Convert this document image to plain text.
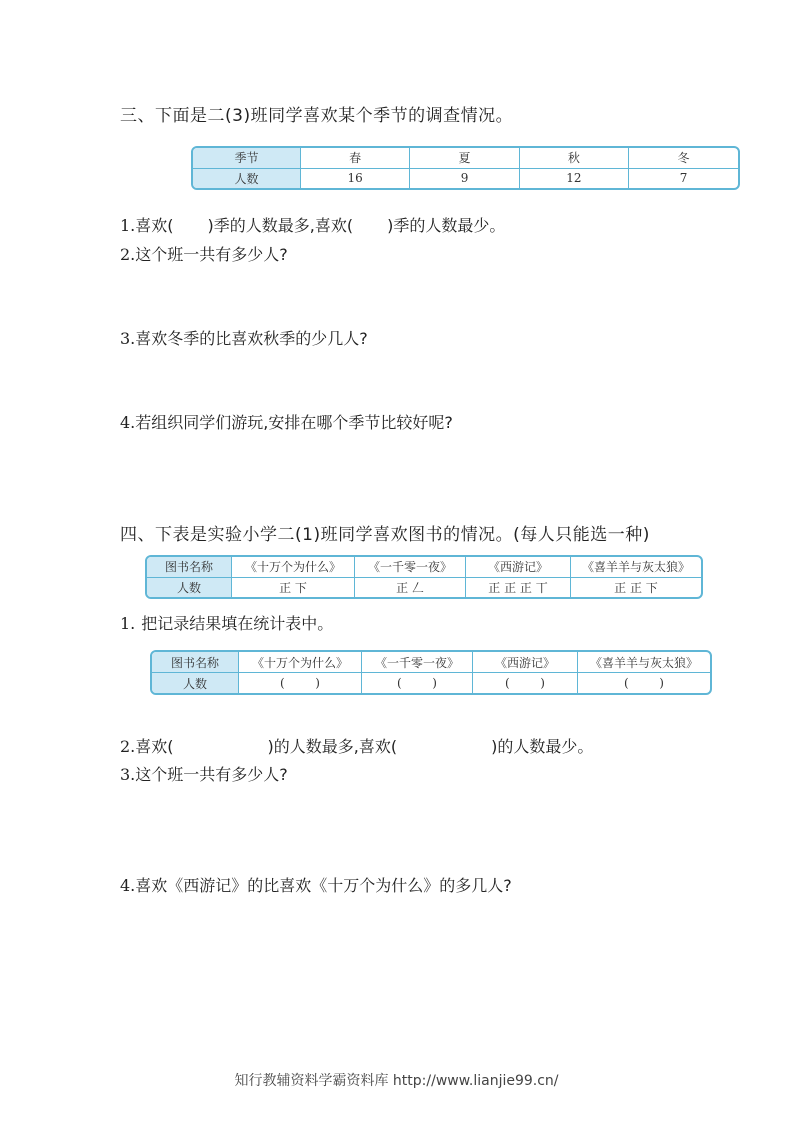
三、下面是二(3)班同学喜欢某个季节的调查情况。
季节	春	夏	秋	冬
人数	16	9	12	7
1.喜欢( )季的人数最多,喜欢( )季的人数最少。
2.这个班一共有多少人?
3.喜欢冬季的比喜欢秋季的少几人?
4.若组织同学们游玩,安排在哪个季节比较好呢?
四、下表是实验小学二(1)班同学喜欢图书的情况。(每人只能选一种)
图书名称	《十万个为什么》	《一千零一夜》	《西游记》	《喜羊羊与灰太狼》
人数	正 下	正 𠃋	正 正 正 丅	正 正 下
1. 把记录结果填在统计表中。
图书名称	《十万个为什么》	《一千零一夜》	《西游记》	《喜羊羊与灰太狼》
人数	(        )	(        )	(        )	(        )
2.喜欢(	)的人数最多,喜欢(	)的人数最少。
3.这个班一共有多少人?
4.喜欢《西游记》的比喜欢《十万个为什么》的多几人?
知行教辅资料学霸资料库 http://www.lianjie99.cn/
